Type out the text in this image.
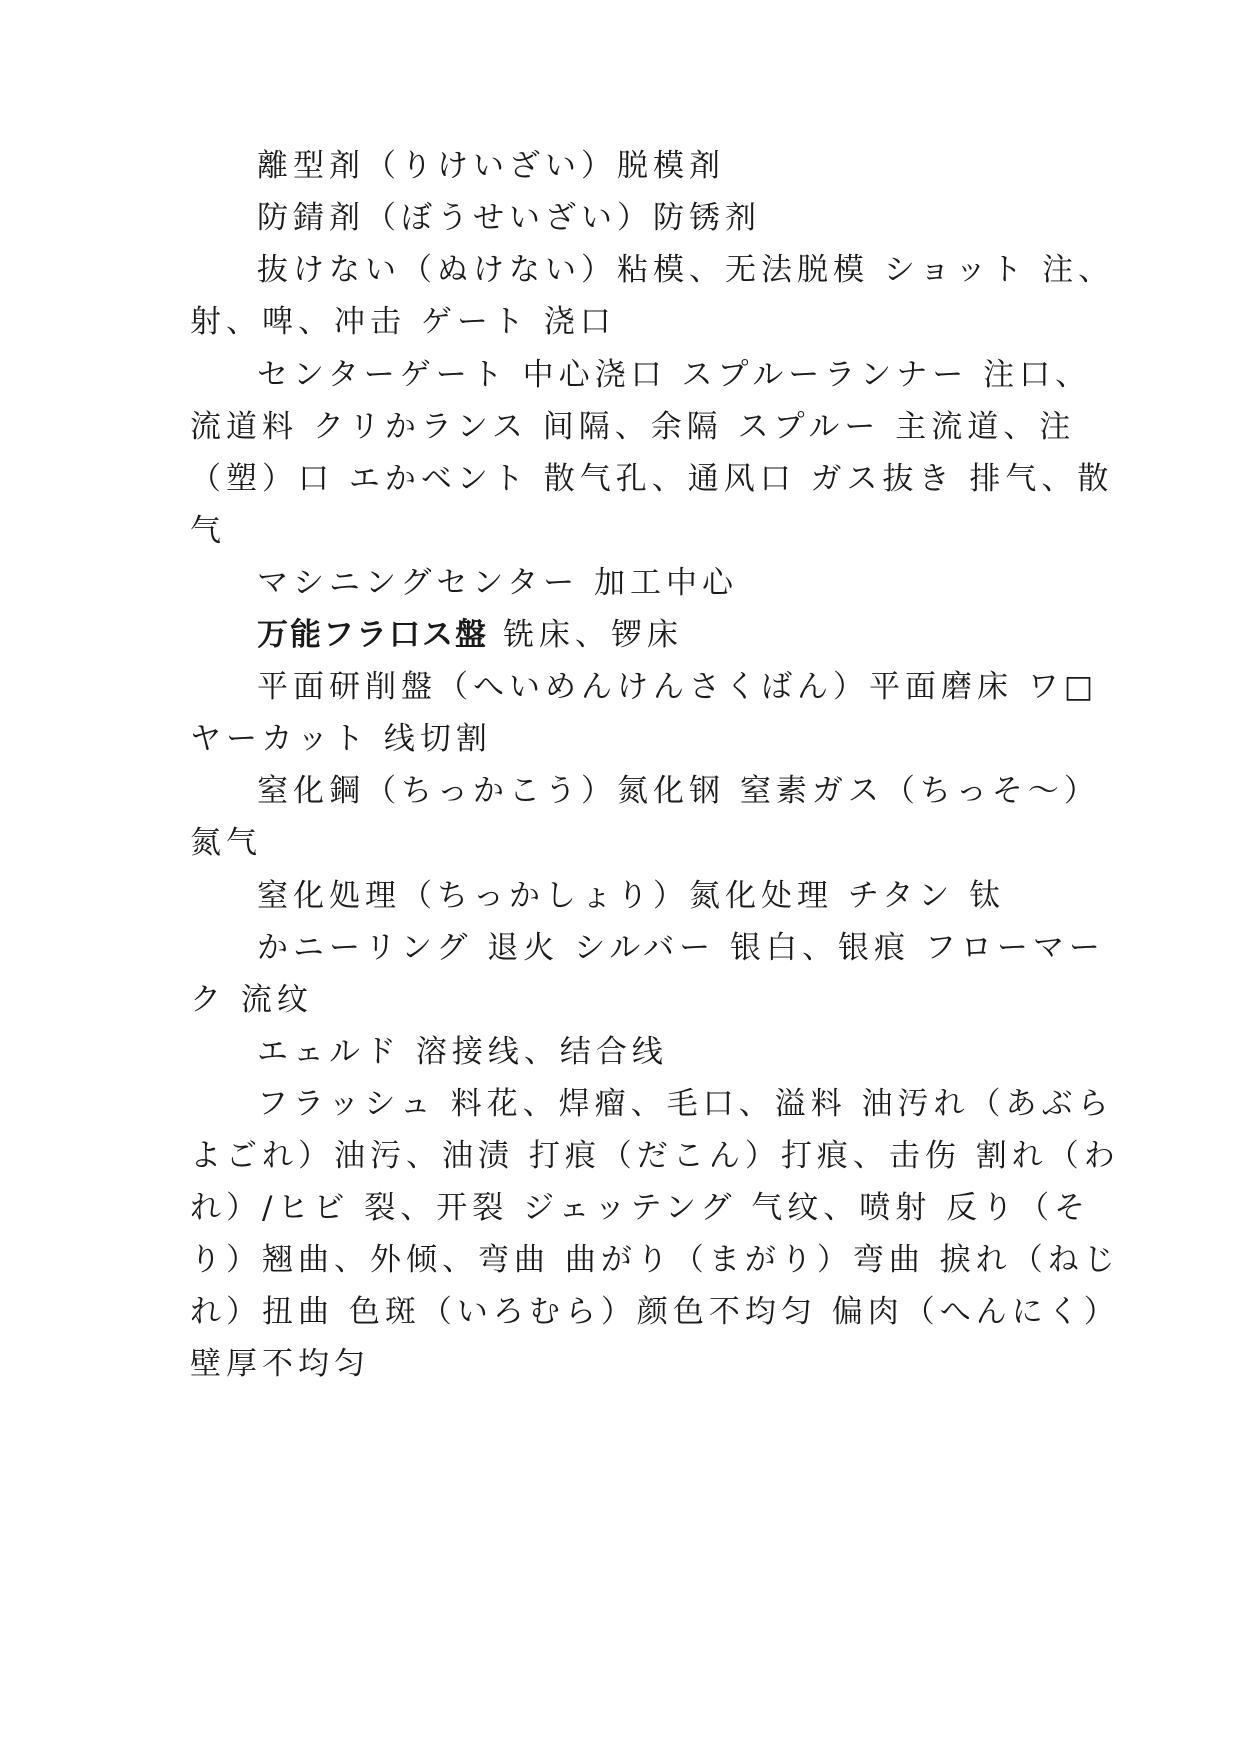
離型剤（りけいざい）脱模剤
防錆剤（ぼうせいざい）防锈剂
抜けない（ぬけない）粘模、无法脱模 ショット 注、
射、啤、冲击 ゲート 浇口
センターゲート 中心浇口 スプルーランナー 注口、
流道料 クリかランス 间隔、余隔 スプルー 主流道、注
（塑）口 エかベント 散气孔、通风口 ガス抜き 排气、散
气
マシニングセンター 加工中心
万能フラ口ス盤 铣床、锣床
平面研削盤（へいめんけんさくばん）平面磨床 ワ□
ヤーカット 线切割
窒化鋼（ちっかこう）氮化钢 窒素ガス（ちっそ～）
氮气
窒化処理（ちっかしょり）氮化处理 チタン 钛
かニーリング 退火 シルバー 银白、银痕 フローマー
ク 流纹
エェルド 溶接线、结合线
フラッシュ 料花、焊瘤、毛口、溢料 油汚れ（あぶら
よごれ）油污、油渍 打痕（だこん）打痕、击伤 割れ（わ
れ）/ヒビ 裂、开裂 ジェッテング 气纹、喷射 反り（そ
り）翘曲、外倾、弯曲 曲がり（まがり）弯曲 捩れ（ねじ
れ）扭曲 色斑（いろむら）颜色不均匀 偏肉（へんにく）
壁厚不均匀
